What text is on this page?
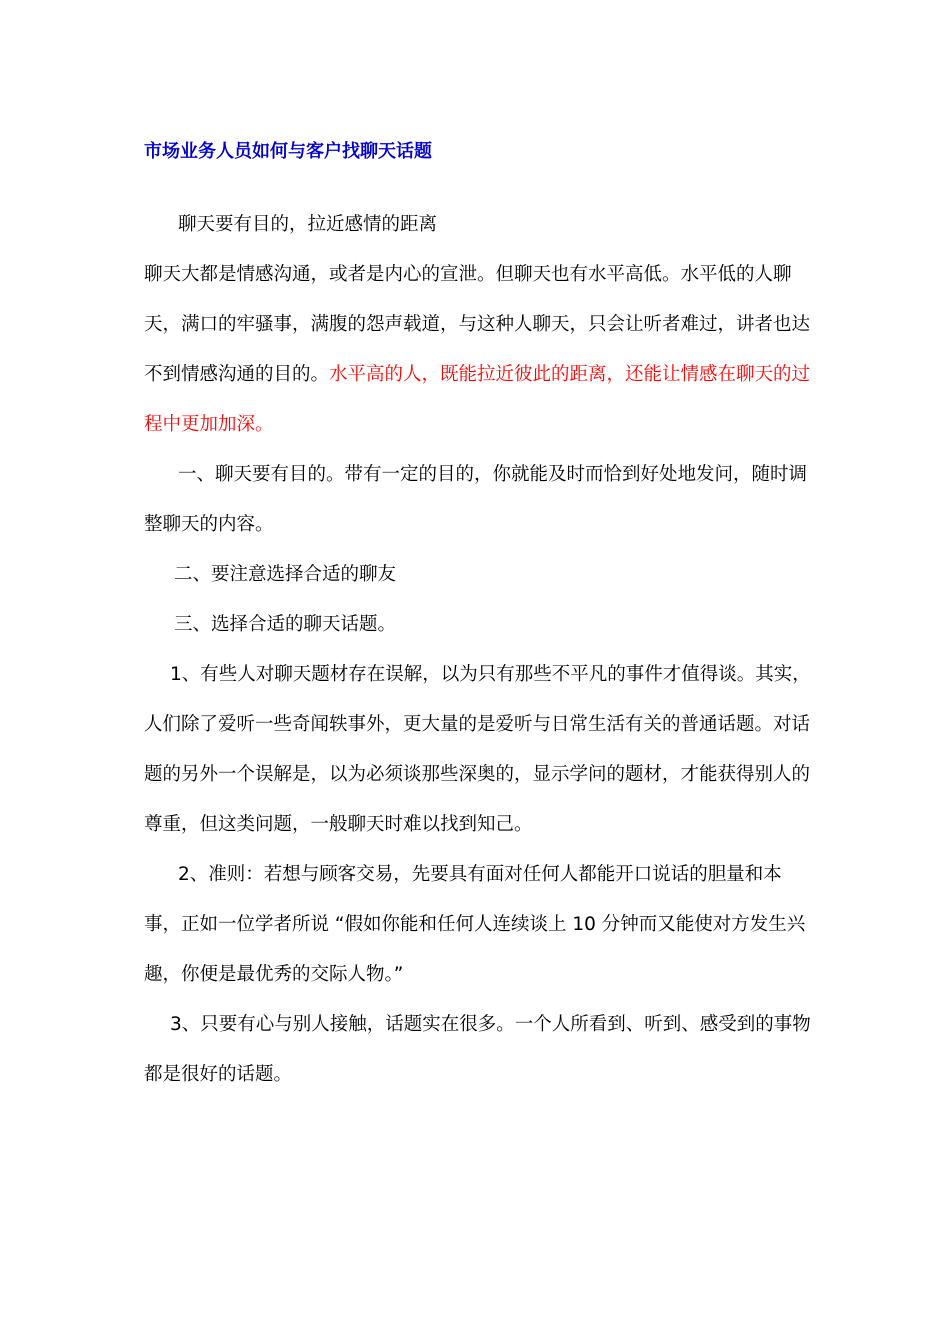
市场业务人员如何与客户找聊天话题

聊天要有目的，拉近感情的距离

聊天大都是情感沟通，或者是内心的宣泄。但聊天也有水平高低。水平低的人聊天，满口的牢骚事，满腹的怨声载道，与这种人聊天，只会让听者难过，讲者也达不到情感沟通的目的。水平高的人，既能拉近彼此的距离，还能让情感在聊天的过程中更加加深。

一、聊天要有目的。带有一定的目的，你就能及时而恰到好处地发问，随时调整聊天的内容。

二、要注意选择合适的聊友

三、选择合适的聊天话题。

1、有些人对聊天题材存在误解，以为只有那些不平凡的事件才值得谈。其实，人们除了爱听一些奇闻轶事外，更大量的是爱听与日常生活有关的普通话题。对话题的另外一个误解是，以为必须谈那些深奥的，显示学问的题材，才能获得别人的尊重，但这类问题，一般聊天时难以找到知己。

2、准则：若想与顾客交易，先要具有面对任何人都能开口说话的胆量和本事，正如一位学者所说 “假如你能和任何人连续谈上 10 分钟而又能使对方发生兴趣，你便是最优秀的交际人物。”

3、只要有心与别人接触，话题实在很多。一个人所看到、听到、感受到的事物都是很好的话题。
